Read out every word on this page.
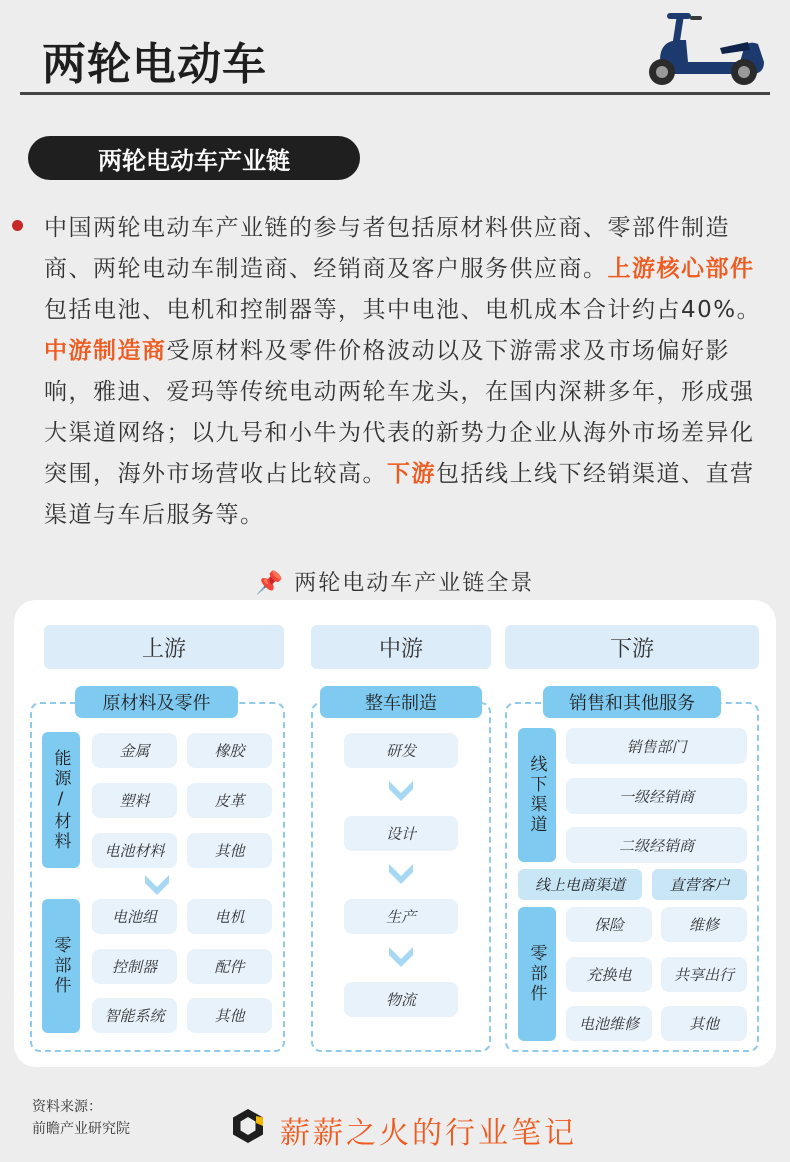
两轮电动车
两轮电动车产业链
中国两轮电动车产业链的参与者包括原材料供应商、零部件制造商、两轮电动车制造商、经销商及客户服务供应商。上游核心部件包括电池、电机和控制器等，其中电池、电机成本合计约占40%。中游制造商受原材料及零件价格波动以及下游需求及市场偏好影响，雅迪、爱玛等传统电动两轮车龙头，在国内深耕多年，形成强大渠道网络；以九号和小牛为代表的新势力企业从海外市场差异化突围，海外市场营收占比较高。下游包括线上线下经销渠道、直营渠道与车后服务等。
📌 两轮电动车产业链全景
上游	中游	下游
原材料及零件	整车制造	销售和其他服务
能源/材料	金属	橡胶
塑料	皮革
电池材料	其他
零部件
电池组	电机
控制器	配件
智能系统	其他
研发
设计
生产
物流
线下渠道
销售部门
一级经销商
二级经销商
线上电商渠道	直营客户
零部件
保险	维修
充换电	共享出行
电池维修	其他
资料来源：
前瞻产业研究院	薪薪之火的行业笔记
